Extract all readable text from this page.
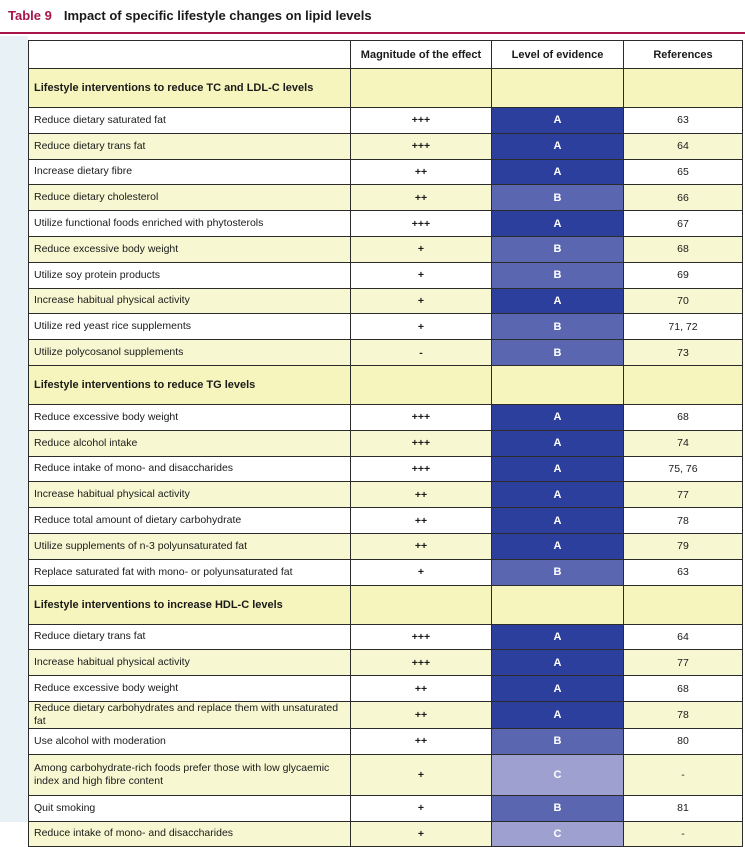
Table 9 Impact of specific lifestyle changes on lipid levels
	Magnitude of the effect	Level of evidence	References
Lifestyle interventions to reduce TC and LDL-C levels			
Reduce dietary saturated fat	+++	A	63
Reduce dietary trans fat	+++	A	64
Increase dietary fibre	++	A	65
Reduce dietary cholesterol	++	B	66
Utilize functional foods enriched with phytosterols	+++	A	67
Reduce excessive body weight	+	B	68
Utilize soy protein products	+	B	69
Increase habitual physical activity	+	A	70
Utilize red yeast rice supplements	+	B	71, 72
Utilize polycosanol supplements	-	B	73
Lifestyle interventions to reduce TG levels			
Reduce excessive body weight	+++	A	68
Reduce alcohol intake	+++	A	74
Reduce intake of mono- and disaccharides	+++	A	75, 76
Increase habitual physical activity	++	A	77
Reduce total amount of dietary carbohydrate	++	A	78
Utilize supplements of n-3 polyunsaturated fat	++	A	79
Replace saturated fat with mono- or polyunsaturated fat	+	B	63
Lifestyle interventions to increase HDL-C levels			
Reduce dietary trans fat	+++	A	64
Increase habitual physical activity	+++	A	77
Reduce excessive body weight	++	A	68
Reduce dietary carbohydrates and replace them with unsaturated fat	++	A	78
Use alcohol with moderation	++	B	80
Among carbohydrate-rich foods prefer those with low glycaemic index and high fibre content	+	C	-
Quit smoking	+	B	81
Reduce intake of mono- and disaccharides	+	C	-
